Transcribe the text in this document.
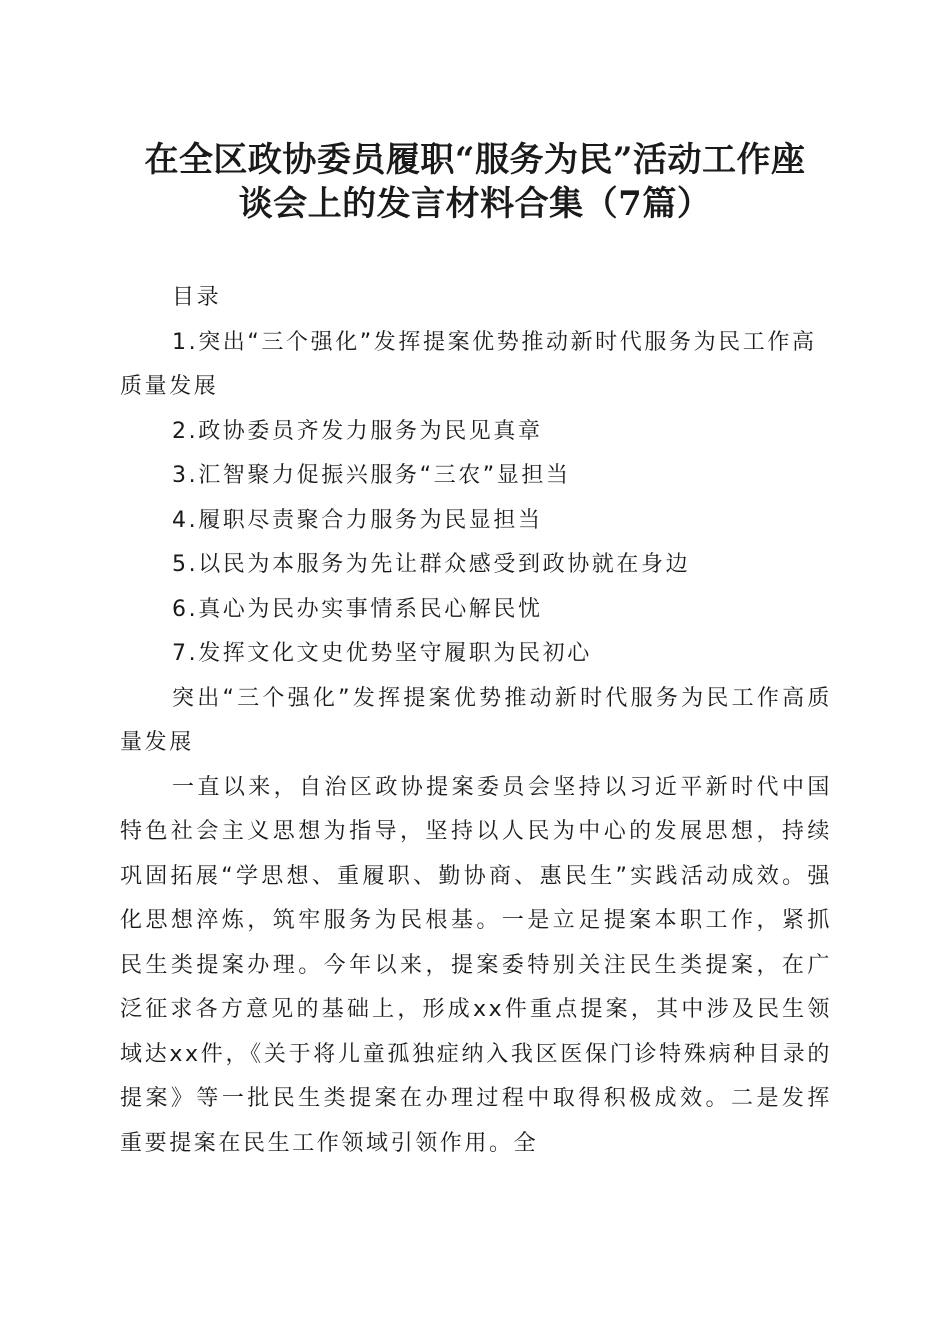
在全区政协委员履职“服务为民”活动工作座
谈会上的发言材料合集（7篇）

目录

1.突出“三个强化”发挥提案优势推动新时代服务为民工作高质量发展

2.政协委员齐发力服务为民见真章

3.汇智聚力促振兴服务“三农”显担当

4.履职尽责聚合力服务为民显担当

5.以民为本服务为先让群众感受到政协就在身边

6.真心为民办实事情系民心解民忧

7.发挥文化文史优势坚守履职为民初心

突出“三个强化”发挥提案优势推动新时代服务为民工作高质量发展

一直以来，自治区政协提案委员会坚持以习近平新时代中国特色社会主义思想为指导，坚持以人民为中心的发展思想，持续巩固拓展“学思想、重履职、勤协商、惠民生”实践活动成效。强化思想淬炼，筑牢服务为民根基。一是立足提案本职工作，紧抓民生类提案办理。今年以来，提案委特别关注民生类提案，在广泛征求各方意见的基础上，形成xx件重点提案，其中涉及民生领域达xx件，《关于将儿童孤独症纳入我区医保门诊特殊病种目录的提案》等一批民生类提案在办理过程中取得积极成效。二是发挥重要提案在民生工作领域引领作用。全
